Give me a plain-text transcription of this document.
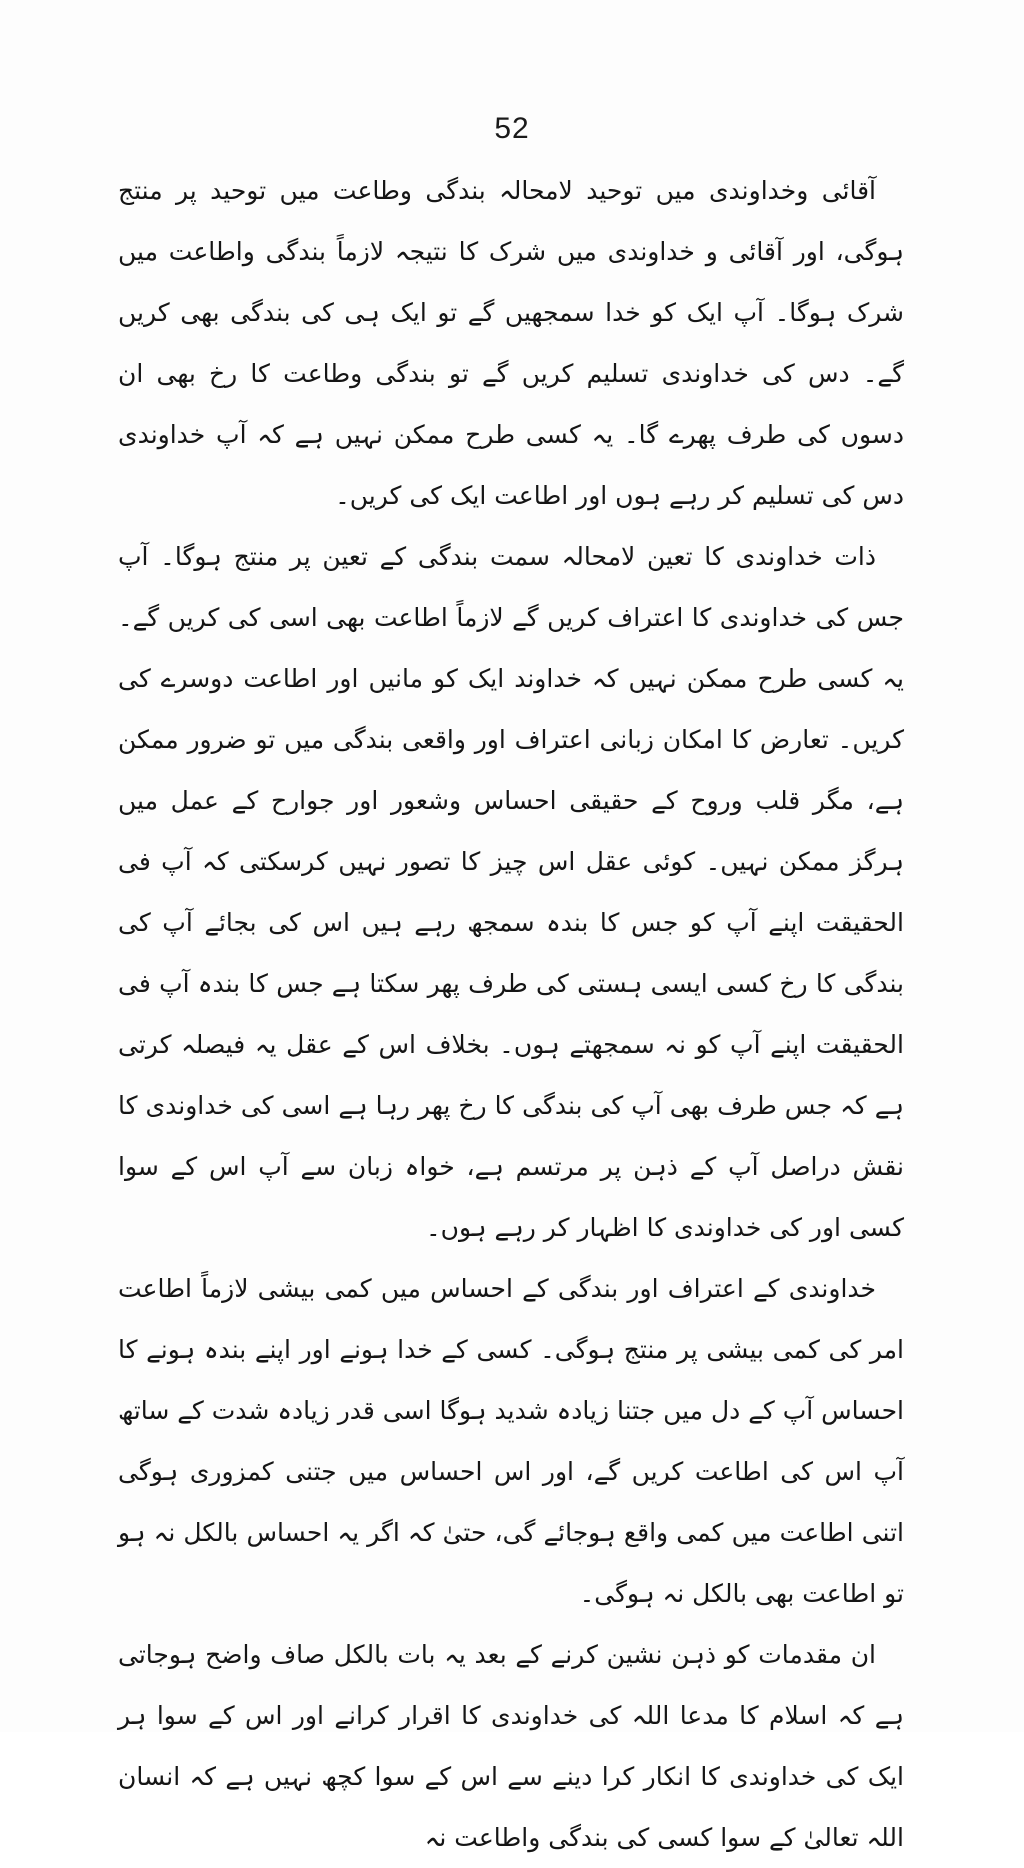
52

آقائی وخداوندی میں توحید لامحالہ بندگی وطاعت میں توحید پر منتج ہوگی، اور آقائی و خداوندی میں شرک کا نتیجہ لازماً بندگی واطاعت میں شرک ہوگا۔ آپ ایک کو خدا سمجھیں گے تو ایک ہی کی بندگی بھی کریں گے۔ دس کی خداوندی تسلیم کریں گے تو بندگی وطاعت کا رخ بھی ان دسوں کی طرف پھرے گا۔ یہ کسی طرح ممکن نہیں ہے کہ آپ خداوندی دس کی تسلیم کر رہے ہوں اور اطاعت ایک کی کریں۔

ذات خداوندی کا تعین لامحالہ سمت بندگی کے تعین پر منتج ہوگا۔ آپ جس کی خداوندی کا اعتراف کریں گے لازماً اطاعت بھی اسی کی کریں گے۔ یہ کسی طرح ممکن نہیں کہ خداوند ایک کو مانیں اور اطاعت دوسرے کی کریں۔ تعارض کا امکان زبانی اعتراف اور واقعی بندگی میں تو ضرور ممکن ہے، مگر قلب وروح کے حقیقی احساس وشعور اور جوارح کے عمل میں ہرگز ممکن نہیں۔ کوئی عقل اس چیز کا تصور نہیں کرسکتی کہ آپ فی الحقیقت اپنے آپ کو جس کا بندہ سمجھ رہے ہیں اس کی بجائے آپ کی بندگی کا رخ کسی ایسی ہستی کی طرف پھر سکتا ہے جس کا بندہ آپ فی الحقیقت اپنے آپ کو نہ سمجھتے ہوں۔ بخلاف اس کے عقل یہ فیصلہ کرتی ہے کہ جس طرف بھی آپ کی بندگی کا رخ پھر رہا ہے اسی کی خداوندی کا نقش دراصل آپ کے ذہن پر مرتسم ہے، خواہ زبان سے آپ اس کے سوا کسی اور کی خداوندی کا اظہار کر رہے ہوں۔

خداوندی کے اعتراف اور بندگی کے احساس میں کمی بیشی لازماً اطاعت امر کی کمی بیشی پر منتج ہوگی۔ کسی کے خدا ہونے اور اپنے بندہ ہونے کا احساس آپ کے دل میں جتنا زیادہ شدید ہوگا اسی قدر زیادہ شدت کے ساتھ آپ اس کی اطاعت کریں گے، اور اس احساس میں جتنی کمزوری ہوگی اتنی اطاعت میں کمی واقع ہوجائے گی، حتیٰ کہ اگر یہ احساس بالکل نہ ہو تو اطاعت بھی بالکل نہ ہوگی۔

ان مقدمات کو ذہن نشین کرنے کے بعد یہ بات بالکل صاف واضح ہوجاتی ہے کہ اسلام کا مدعا اللہ کی خداوندی کا اقرار کرانے اور اس کے سوا ہر ایک کی خداوندی کا انکار کرا دینے سے اس کے سوا کچھ نہیں ہے کہ انسان اللہ تعالیٰ کے سوا کسی کی بندگی واطاعت نہ
